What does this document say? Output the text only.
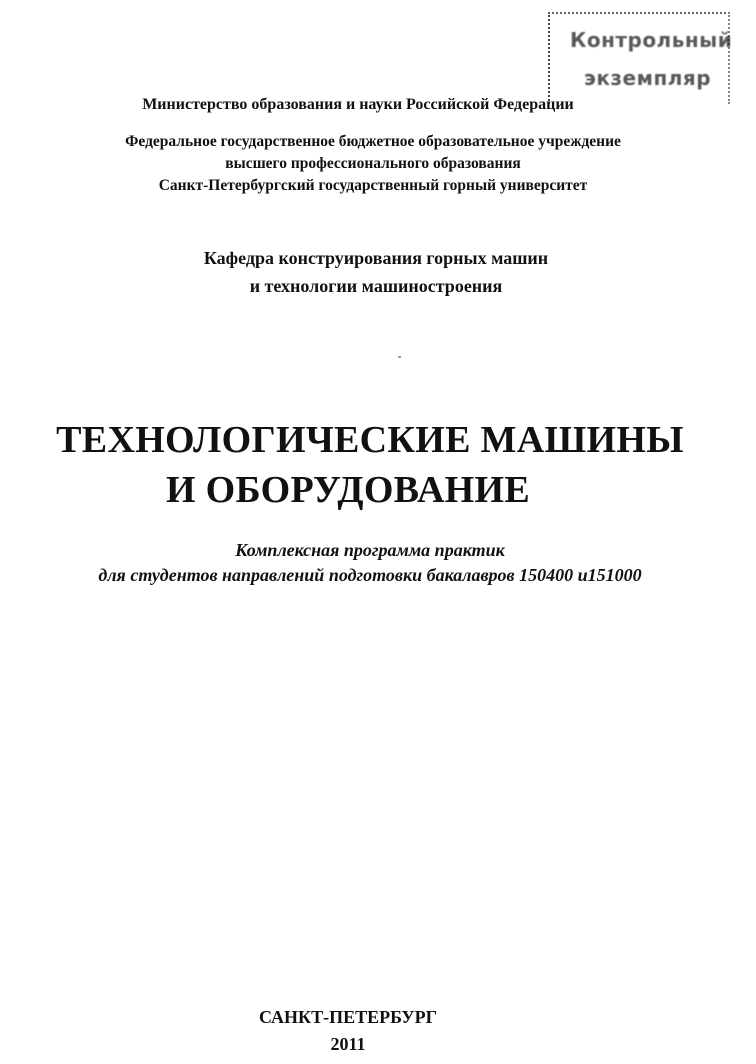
Контрольный
экземпляр
Министерство образования и науки Российской Федерации
Федеральное государственное бюджетное образовательное учреждение
высшего профессионального образования
Санкт-Петербургский государственный горный университет
Кафедра конструирования горных машин
и технологии машиностроения
ТЕХНОЛОГИЧЕСКИЕ МАШИНЫ
И ОБОРУДОВАНИЕ
Комплексная программа практик
для студентов направлений подготовки бакалавров 150400 и151000
САНКТ-ПЕТЕРБУРГ
2011
